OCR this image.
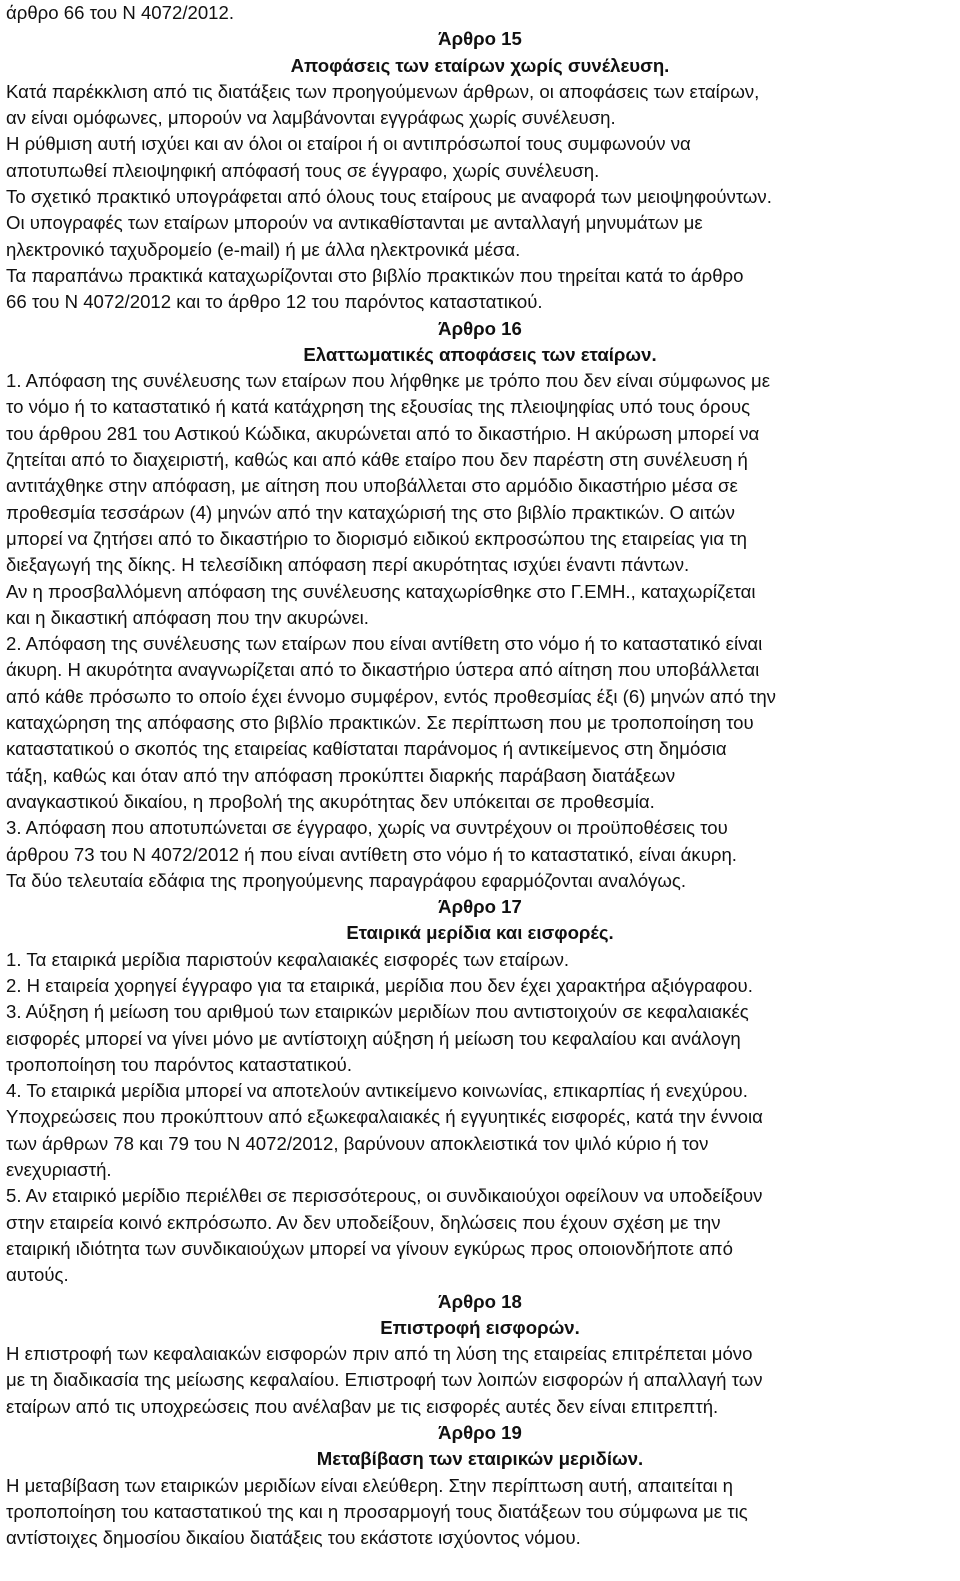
άρθρο 66 του Ν 4072/2012.
Άρθρο 15
Αποφάσεις των εταίρων χωρίς συνέλευση.
Κατά παρέκκλιση από τις διατάξεις των προηγούμενων άρθρων, οι αποφάσεις των εταίρων,
αν είναι ομόφωνες, μπορούν να λαμβάνονται εγγράφως χωρίς συνέλευση.
Η ρύθμιση αυτή ισχύει και αν όλοι οι εταίροι ή οι αντιπρόσωποί τους συμφωνούν να
αποτυπωθεί πλειοψηφική απόφασή τους σε έγγραφο, χωρίς συνέλευση.
Το σχετικό πρακτικό υπογράφεται από όλους τους εταίρους με αναφορά των μειοψηφούντων.
Οι υπογραφές των εταίρων μπορούν να αντικαθίστανται με ανταλλαγή μηνυμάτων με
ηλεκτρονικό ταχυδρομείο (e-mail) ή με άλλα ηλεκτρονικά μέσα.
Τα παραπάνω πρακτικά καταχωρίζονται στο βιβλίο πρακτικών που τηρείται κατά το άρθρο
66 του Ν 4072/2012 και το άρθρο 12 του παρόντος καταστατικού.
Άρθρο 16
Ελαττωματικές αποφάσεις των εταίρων.
1. Απόφαση της συνέλευσης των εταίρων που λήφθηκε με τρόπο που δεν είναι σύμφωνος με
το νόμο ή το καταστατικό ή κατά κατάχρηση της εξουσίας της πλειοψηφίας υπό τους όρους
του άρθρου 281 του Αστικού Κώδικα, ακυρώνεται από το δικαστήριο. Η ακύρωση μπορεί να
ζητείται από το διαχειριστή, καθώς και από κάθε εταίρο που δεν παρέστη στη συνέλευση ή
αντιτάχθηκε στην απόφαση, με αίτηση που υποβάλλεται στο αρμόδιο δικαστήριο μέσα σε
προθεσμία τεσσάρων (4) μηνών από την καταχώρισή της στο βιβλίο πρακτικών. Ο αιτών
μπορεί να ζητήσει από το δικαστήριο το διορισμό ειδικού εκπροσώπου της εταιρείας για τη
διεξαγωγή της δίκης. Η τελεσίδικη απόφαση περί ακυρότητας ισχύει έναντι πάντων.
Αν η προσβαλλόμενη απόφαση της συνέλευσης καταχωρίσθηκε στο Γ.ΕΜΗ., καταχωρίζεται
και η δικαστική απόφαση που την ακυρώνει.
2. Απόφαση της συνέλευσης των εταίρων που είναι αντίθετη στο νόμο ή το καταστατικό είναι
άκυρη. Η ακυρότητα αναγνωρίζεται από το δικαστήριο ύστερα από αίτηση που υποβάλλεται
από κάθε πρόσωπο το οποίο έχει έννομο συμφέρον, εντός προθεσμίας έξι (6) μηνών από την
καταχώρηση της απόφασης στο βιβλίο πρακτικών. Σε περίπτωση που με τροποποίηση του
καταστατικού ο σκοπός της εταιρείας καθίσταται παράνομος ή αντικείμενος στη δημόσια
τάξη, καθώς και όταν από την απόφαση προκύπτει διαρκής παράβαση διατάξεων
αναγκαστικού δικαίου, η προβολή της ακυρότητας δεν υπόκειται σε προθεσμία.
3. Απόφαση που αποτυπώνεται σε έγγραφο, χωρίς να συντρέχουν οι προϋποθέσεις του
άρθρου 73 του Ν 4072/2012 ή που είναι αντίθετη στο νόμο ή το καταστατικό, είναι άκυρη.
Τα δύο τελευταία εδάφια της προηγούμενης παραγράφου εφαρμόζονται αναλόγως.
Άρθρο 17
Εταιρικά μερίδια και εισφορές.
1. Τα εταιρικά μερίδια παριστούν κεφαλαιακές εισφορές των εταίρων.
2. Η εταιρεία χορηγεί έγγραφο για τα εταιρικά, μερίδια που δεν έχει χαρακτήρα αξιόγραφου.
3. Αύξηση ή μείωση του αριθμού των εταιρικών μεριδίων που αντιστοιχούν σε κεφαλαιακές
εισφορές μπορεί να γίνει μόνο με αντίστοιχη αύξηση ή μείωση του κεφαλαίου και ανάλογη
τροποποίηση του παρόντος καταστατικού.
4. Το εταιρικά μερίδια μπορεί να αποτελούν αντικείμενο κοινωνίας, επικαρπίας ή ενεχύρου.
Υποχρεώσεις που προκύπτουν από εξωκεφαλαιακές ή εγγυητικές εισφορές, κατά την έννοια
των άρθρων 78 και 79 του Ν 4072/2012, βαρύνουν αποκλειστικά τον ψιλό κύριο ή τον
ενεχυριαστή.
5. Αν εταιρικό μερίδιο περιέλθει σε περισσότερους, οι συνδικαιούχοι οφείλουν να υποδείξουν
στην εταιρεία κοινό εκπρόσωπο. Αν δεν υποδείξουν, δηλώσεις που έχουν σχέση με την
εταιρική ιδιότητα των συνδικαιούχων μπορεί να γίνουν εγκύρως προς οποιονδήποτε από
αυτούς.
Άρθρο 18
Επιστροφή εισφορών.
Η επιστροφή των κεφαλαιακών εισφορών πριν από τη λύση της εταιρείας επιτρέπεται μόνο
με τη διαδικασία της μείωσης κεφαλαίου. Επιστροφή των λοιπών εισφορών ή απαλλαγή των
εταίρων από τις υποχρεώσεις που ανέλαβαν με τις εισφορές αυτές δεν είναι επιτρεπτή.
Άρθρο 19
Μεταβίβαση των εταιρικών μεριδίων.
Η μεταβίβαση των εταιρικών μεριδίων είναι ελεύθερη. Στην περίπτωση αυτή, απαιτείται η
τροποποίηση του καταστατικού της και η προσαρμογή τους διατάξεων του σύμφωνα με τις
αντίστοιχες δημοσίου δικαίου διατάξεις του εκάστοτε ισχύοντος νόμου.
